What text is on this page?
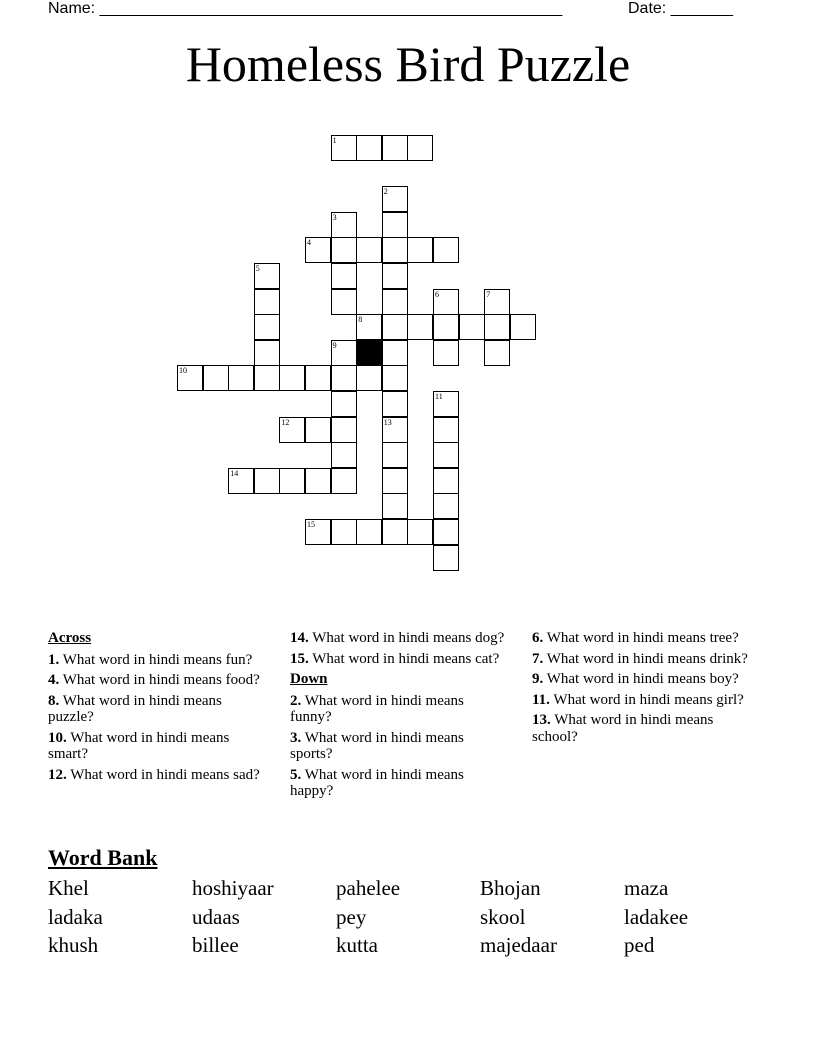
Name: ____________________________________________________	Date: _______
Homeless Bird Puzzle
1
2
3
4
5
6	7
8
9
10
11
12	13
14
15
Across
1. What word in hindi means fun?
4. What word in hindi means food?
8. What word in hindi means puzzle?
10. What word in hindi means smart?
12. What word in hindi means sad?
14. What word in hindi means dog?
15. What word in hindi means cat?
Down
2. What word in hindi means funny?
3. What word in hindi means sports?
5. What word in hindi means happy?
6. What word in hindi means tree?
7. What word in hindi means drink?
9. What word in hindi means boy?
11. What word in hindi means girl?
13. What word in hindi means school?
Word Bank
Khel	hoshiyaar	pahelee	Bhojan	maza
ladaka	udaas	pey	skool	ladakee
khush	billee	kutta	majedaar	ped
